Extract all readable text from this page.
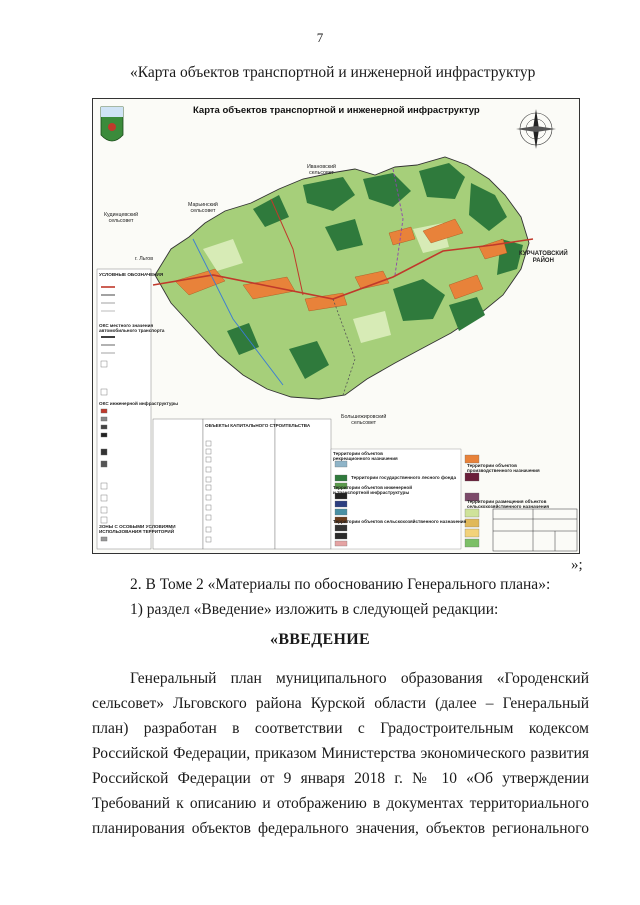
7
«Карта объектов транспортной и инженерной инфраструктур
Карта объектов транспортной и инженерной инфраструктур
Марьинский
сельсовет
Кудинцевский
сельсовет
Ивановский
сельсовет
КУРЧАТОВСКИЙ
РАЙОН
Большежировский
сельсовет
г. Льгов
УСЛОВНЫЕ ОБОЗНАЧЕНИЯ
ОКС местного значения
автомобильного транспорта
ОКС инженерной инфраструктуры
ЗОНЫ С ОСОБЫМИ УСЛОВИЯМИ
ИСПОЛЬЗОВАНИЯ ТЕРРИТОРИЙ
ОБЪЕКТЫ КАПИТАЛЬНОГО СТРОИТЕЛЬСТВА
Территории объектов
рекреационного назначения
Территории государственного лесного фонда
Территории объектов инженерной
и транспортной инфраструктуры
Территории объектов сельскохозяйственного назначения
Территории объектов
производственного назначения
Территории размещения объектов
сельскохозяйственного назначения
»;
2. В Томе 2 «Материалы по обоснованию Генерального плана»:
1) раздел «Введение» изложить в следующей редакции:
«ВВЕДЕНИЕ
Генеральный план муниципального образования «Городенский
сельсовет» Льговского района Курской области (далее – Генеральный
план) разработан в соответствии с Градостроительным кодексом
Российской Федерации, приказом Министерства экономического развития
Российской Федерации от 9 января 2018 г. № 10 «Об утверждении
Требований к описанию и отображению в документах территориального
планирования объектов федерального значения, объектов регионального
